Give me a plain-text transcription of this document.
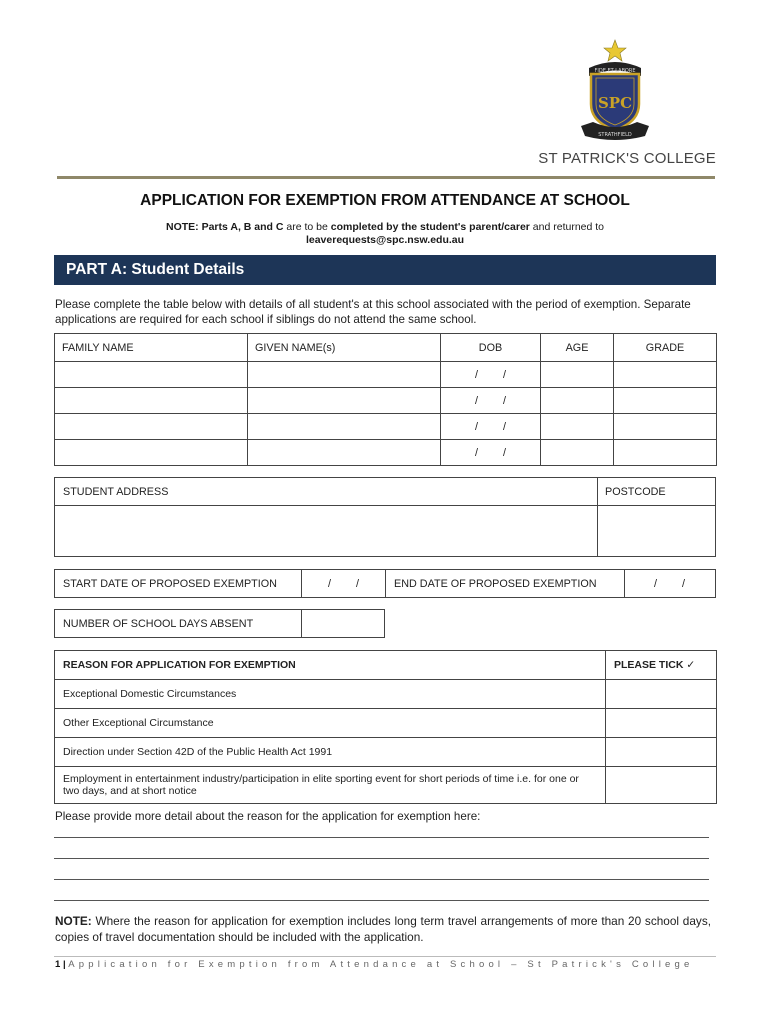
FIDE ET LABORE
SPC
STRATHFIELD
ST PATRICK'S COLLEGE
APPLICATION FOR EXEMPTION FROM ATTENDANCE AT SCHOOL
NOTE: Parts A, B and C are to be completed by the student's parent/carer and returned to
leaverequests@spc.nsw.edu.au
PART A: Student Details
Please complete the table below with details of all student's at this school associated with the period of exemption. Separate applications are required for each school if siblings do not attend the same school.
FAMILY NAME	GIVEN NAME(s)	DOB	AGE	GRADE
		/ /		
		/ /		
		/ /		
		/ /		
STUDENT ADDRESS	POSTCODE
START DATE OF PROPOSED EXEMPTION	/ /	END DATE OF PROPOSED EXEMPTION	/ /
NUMBER OF SCHOOL DAYS ABSENT
REASON FOR APPLICATION FOR EXEMPTION	PLEASE TICK ✓
Exceptional Domestic Circumstances	
Other Exceptional Circumstance	
Direction under Section 42D of the Public Health Act 1991	
Employment in entertainment industry/participation in elite sporting event for short periods of time i.e. for one or two days, and at short notice	
Please provide more detail about the reason for the application for exemption here:
NOTE: Where the reason for application for exemption includes long term travel arrangements of more than 20 school days, copies of travel documentation should be included with the application.
1 | Application for Exemption from Attendance at School – St Patrick's College
